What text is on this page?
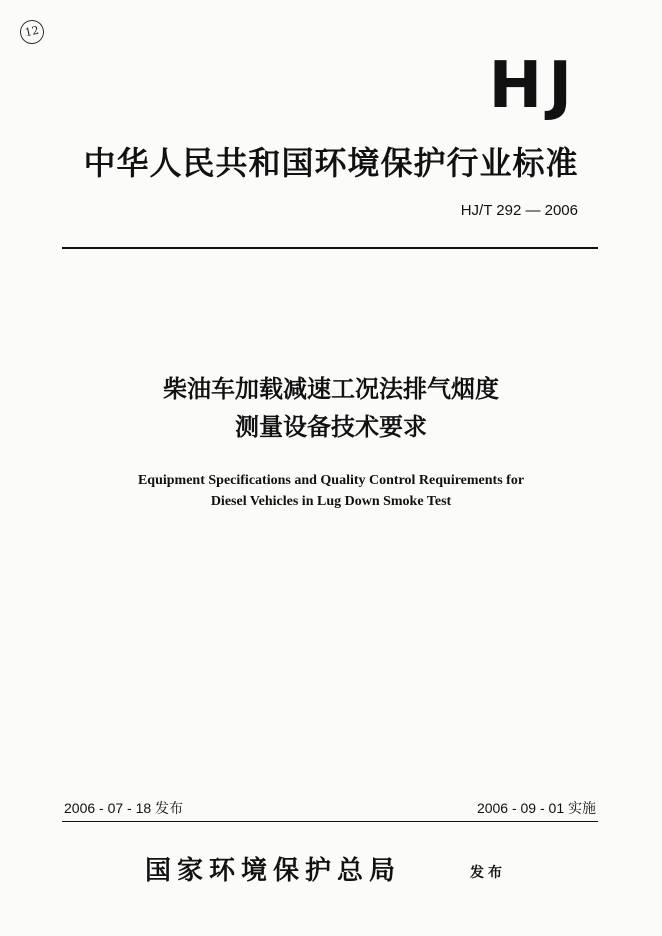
12
HJ
中华人民共和国环境保护行业标准
HJ/T 292 — 2006
柴油车加载减速工况法排气烟度
测量设备技术要求
Equipment Specifications and Quality Control Requirements for
Diesel Vehicles in Lug Down Smoke Test
2006 - 07 - 18 发布	2006 - 09 - 01 实施
国家环境保护总局	发布
